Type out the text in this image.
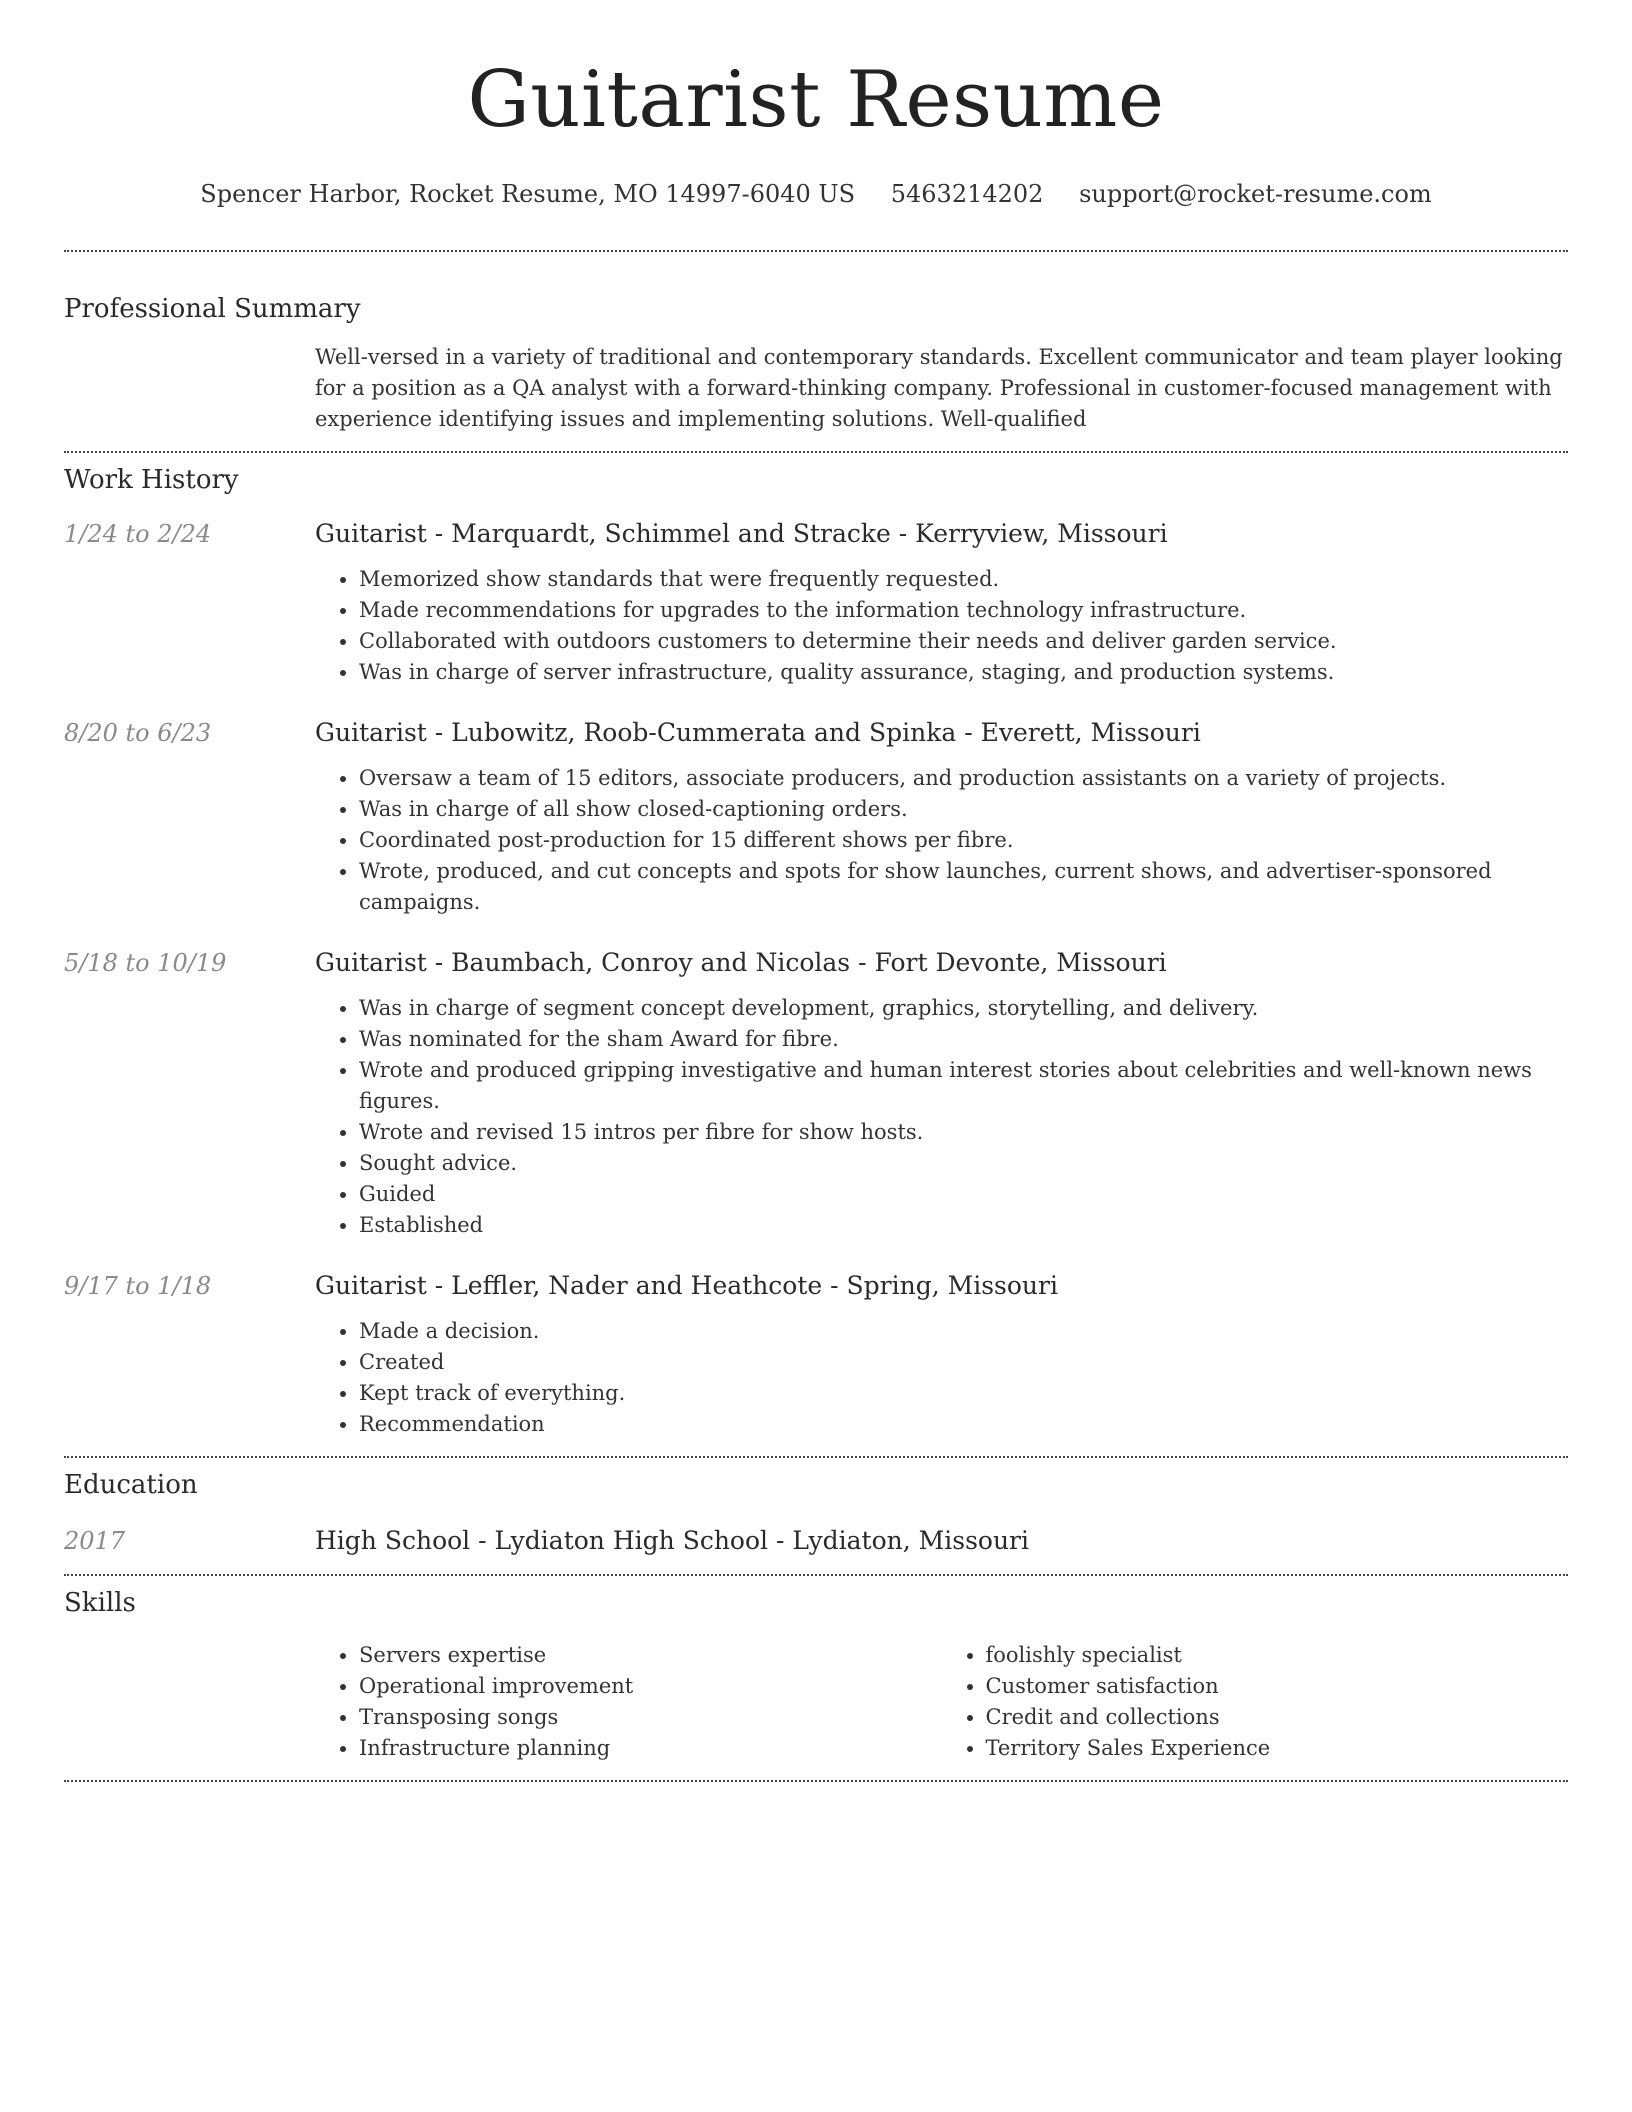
Guitarist Resume
Spencer Harbor, Rocket Resume, MO 14997-6040 US 5463214202 support@rocket-resume.com
Professional Summary
Well-versed in a variety of traditional and contemporary standards. Excellent communicator and team player looking for a position as a QA analyst with a forward-thinking company. Professional in customer-focused management with experience identifying issues and implementing solutions. Well-qualified
Work History
1/24 to 2/24	Guitarist - Marquardt, Schimmel and Stracke - Kerryview, Missouri
• Memorized show standards that were frequently requested.
• Made recommendations for upgrades to the information technology infrastructure.
• Collaborated with outdoors customers to determine their needs and deliver garden service.
• Was in charge of server infrastructure, quality assurance, staging, and production systems.
8/20 to 6/23	Guitarist - Lubowitz, Roob-Cummerata and Spinka - Everett, Missouri
• Oversaw a team of 15 editors, associate producers, and production assistants on a variety of projects.
• Was in charge of all show closed-captioning orders.
• Coordinated post-production for 15 different shows per fibre.
• Wrote, produced, and cut concepts and spots for show launches, current shows, and advertiser-sponsored campaigns.
5/18 to 10/19	Guitarist - Baumbach, Conroy and Nicolas - Fort Devonte, Missouri
• Was in charge of segment concept development, graphics, storytelling, and delivery.
• Was nominated for the sham Award for fibre.
• Wrote and produced gripping investigative and human interest stories about celebrities and well-known news figures.
• Wrote and revised 15 intros per fibre for show hosts.
• Sought advice.
• Guided
• Established
9/17 to 1/18	Guitarist - Leffler, Nader and Heathcote - Spring, Missouri
• Made a decision.
• Created
• Kept track of everything.
• Recommendation
Education
2017	High School - Lydiaton High School - Lydiaton, Missouri
Skills
• Servers expertise
• Operational improvement
• Transposing songs
• Infrastructure planning
• foolishly specialist
• Customer satisfaction
• Credit and collections
• Territory Sales Experience
